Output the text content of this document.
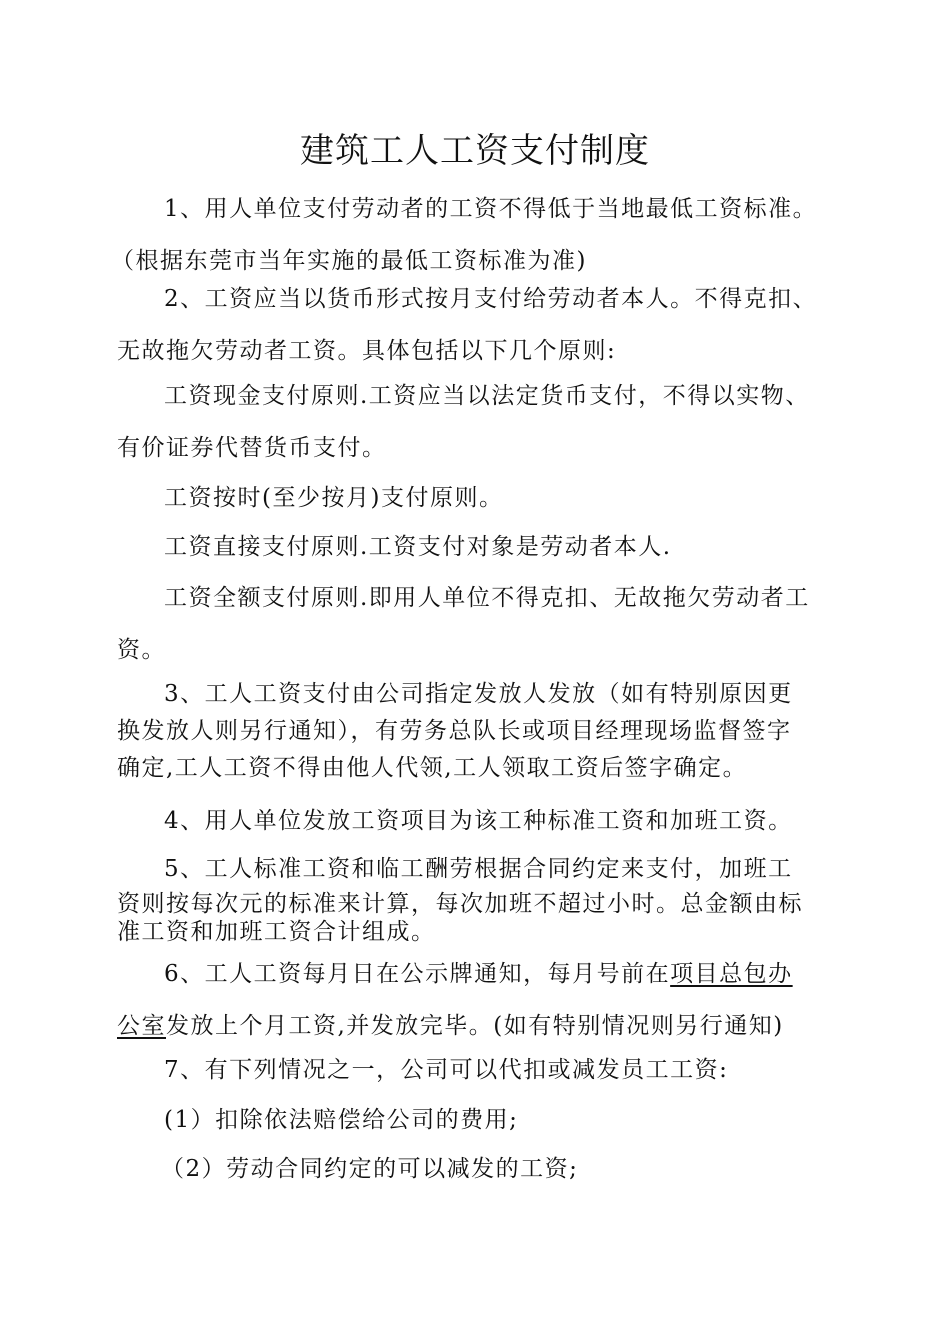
建筑工人工资支付制度
1、用人单位支付劳动者的工资不得低于当地最低工资标准。
（根据东莞市当年实施的最低工资标准为准)
2、工资应当以货币形式按月支付给劳动者本人。不得克扣、
无故拖欠劳动者工资。具体包括以下几个原则:
工资现金支付原则.工资应当以法定货币支付，不得以实物、
有价证券代替货币支付。
工资按时(至少按月)支付原则。
工资直接支付原则.工资支付对象是劳动者本人.
工资全额支付原则.即用人单位不得克扣、无故拖欠劳动者工
资。
3、工人工资支付由公司指定发放人发放（如有特别原因更
换发放人则另行通知），有劳务总队长或项目经理现场监督签字
确定,工人工资不得由他人代领,工人领取工资后签字确定。
4、用人单位发放工资项目为该工种标准工资和加班工资。
5、工人标准工资和临工酬劳根据合同约定来支付，加班工
资则按每次元的标准来计算，每次加班不超过小时。总金额由标
准工资和加班工资合计组成。
6、工人工资每月日在公示牌通知，每月号前在项目总包办
公室发放上个月工资,并发放完毕。(如有特别情况则另行通知)
7、有下列情况之一，公司可以代扣或减发员工工资:
(1）扣除依法赔偿给公司的费用;
（2）劳动合同约定的可以减发的工资;
